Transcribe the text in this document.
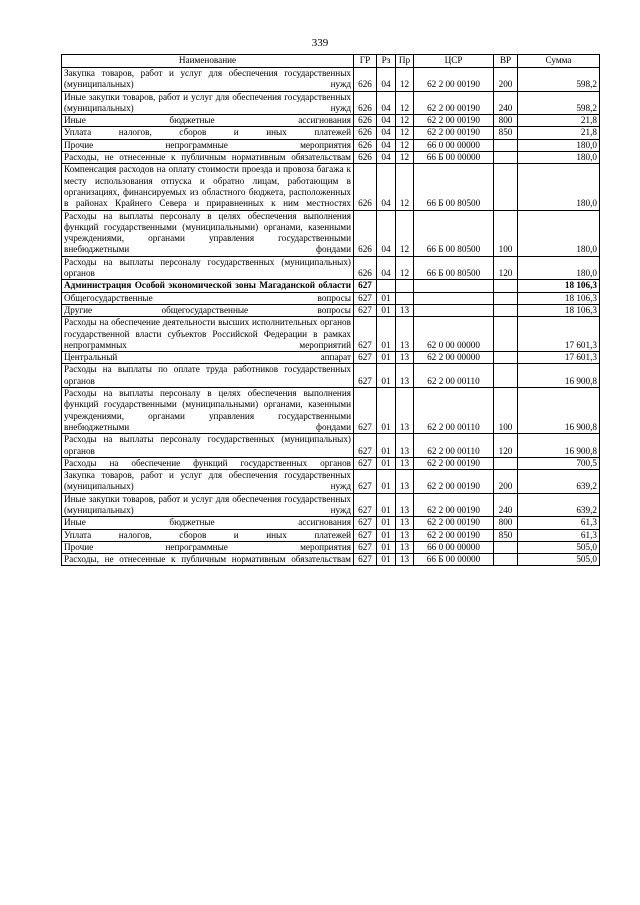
339
Наименование	ГР	Рз	Пр	ЦСР	ВР	Сумма
Закупка товаров, работ и услуг для обеспечения государственных (муниципальных) нужд	626	04	12	62 2 00 00190	200	598,2
Иные закупки товаров, работ и услуг для обеспечения государственных (муниципальных) нужд	626	04	12	62 2 00 00190	240	598,2
Иные бюджетные ассигнования	626	04	12	62 2 00 00190	800	21,8
Уплата налогов, сборов и иных платежей	626	04	12	62 2 00 00190	850	21,8
Прочие непрограммные мероприятия	626	04	12	66 0 00 00000		180,0
Расходы, не отнесенные к публичным нормативным обязательствам	626	04	12	66 Б 00 00000		180,0
Компенсация расходов на оплату стоимости проезда и провоза багажа к месту использования отпуска и обратно лицам, работающим в организациях, финансируемых из областного бюджета, расположенных в районах Крайнего Севера и приравненных к ним местностях	626	04	12	66 Б 00 80500		180,0
Расходы на выплаты персоналу в целях обеспечения выполнения функций государственными (муниципальными) органами, казенными учреждениями, органами управления государственными внебюджетными фондами	626	04	12	66 Б 00 80500	100	180,0
Расходы на выплаты персоналу государственных (муниципальных) органов	626	04	12	66 Б 00 80500	120	180,0
Администрация Особой экономической зоны Магаданской области	627					18 106,3
Общегосударственные вопросы	627	01				18 106,3
Другие общегосударственные вопросы	627	01	13			18 106,3
Расходы на обеспечение деятельности высших исполнительных органов государственной власти субъектов Российской Федерации в рамках непрограммных мероприятий	627	01	13	62 0 00 00000		17 601,3
Центральный аппарат	627	01	13	62 2 00 00000		17 601,3
Расходы на выплаты по оплате труда работников государственных органов	627	01	13	62 2 00 00110		16 900,8
Расходы на выплаты персоналу в целях обеспечения выполнения функций государственными (муниципальными) органами, казенными учреждениями, органами управления государственными внебюджетными фондами	627	01	13	62 2 00 00110	100	16 900,8
Расходы на выплаты персоналу государственных (муниципальных) органов	627	01	13	62 2 00 00110	120	16 900,8
Расходы на обеспечение функций государственных органов	627	01	13	62 2 00 00190		700,5
Закупка товаров, работ и услуг для обеспечения государственных (муниципальных) нужд	627	01	13	62 2 00 00190	200	639,2
Иные закупки товаров, работ и услуг для обеспечения государственных (муниципальных) нужд	627	01	13	62 2 00 00190	240	639,2
Иные бюджетные ассигнования	627	01	13	62 2 00 00190	800	61,3
Уплата налогов, сборов и иных платежей	627	01	13	62 2 00 00190	850	61,3
Прочие непрограммные мероприятия	627	01	13	66 0 00 00000		505,0
Расходы, не отнесенные к публичным нормативным обязательствам	627	01	13	66 Б 00 00000		505,0
